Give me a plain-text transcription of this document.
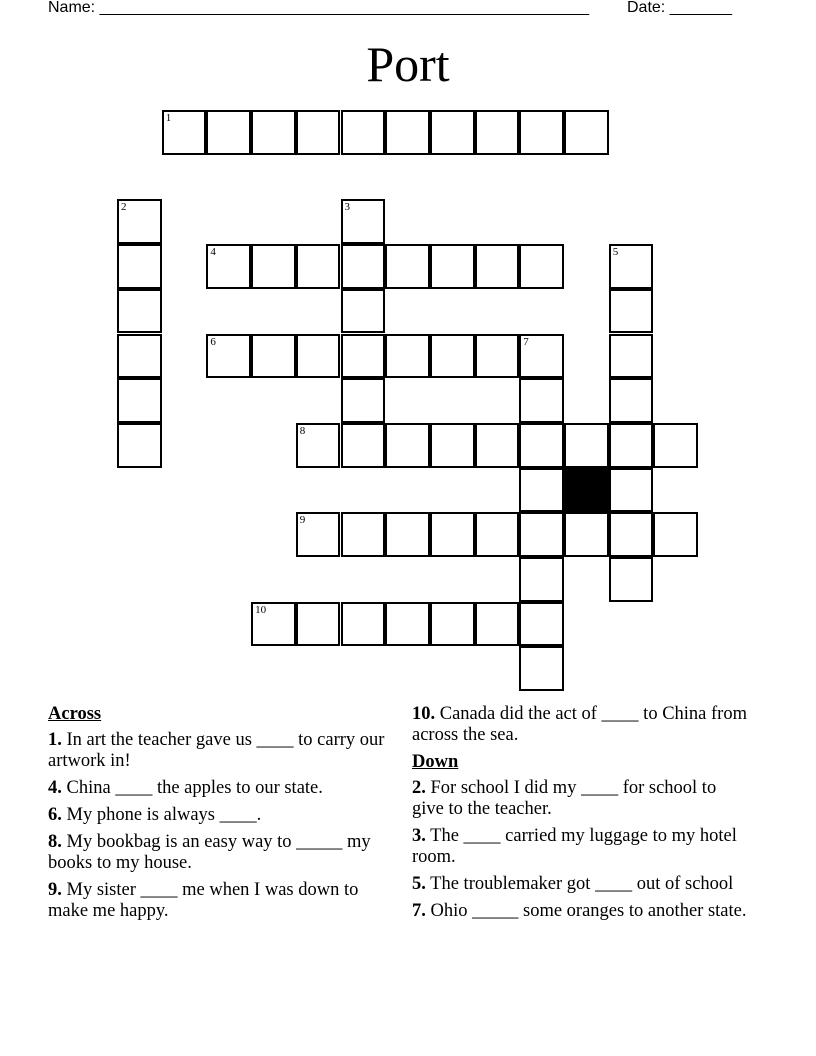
Name: _______________________________________________________ Date: _______
Port
1
2	3
4	5
6	7
8
9
10
Across
1. In art the teacher gave us ____ to carry our artwork in!
4. China ____ the apples to our state.
6. My phone is always ____.
8. My bookbag is an easy way to _____ my books to my house.
9. My sister ____ me when I was down to make me happy.
10. Canada did the act of ____ to China from across the sea.
Down
2. For school I did my ____ for school to give to the teacher.
3. The ____ carried my luggage to my hotel room.
5. The troublemaker got ____ out of school
7. Ohio _____ some oranges to another state.
